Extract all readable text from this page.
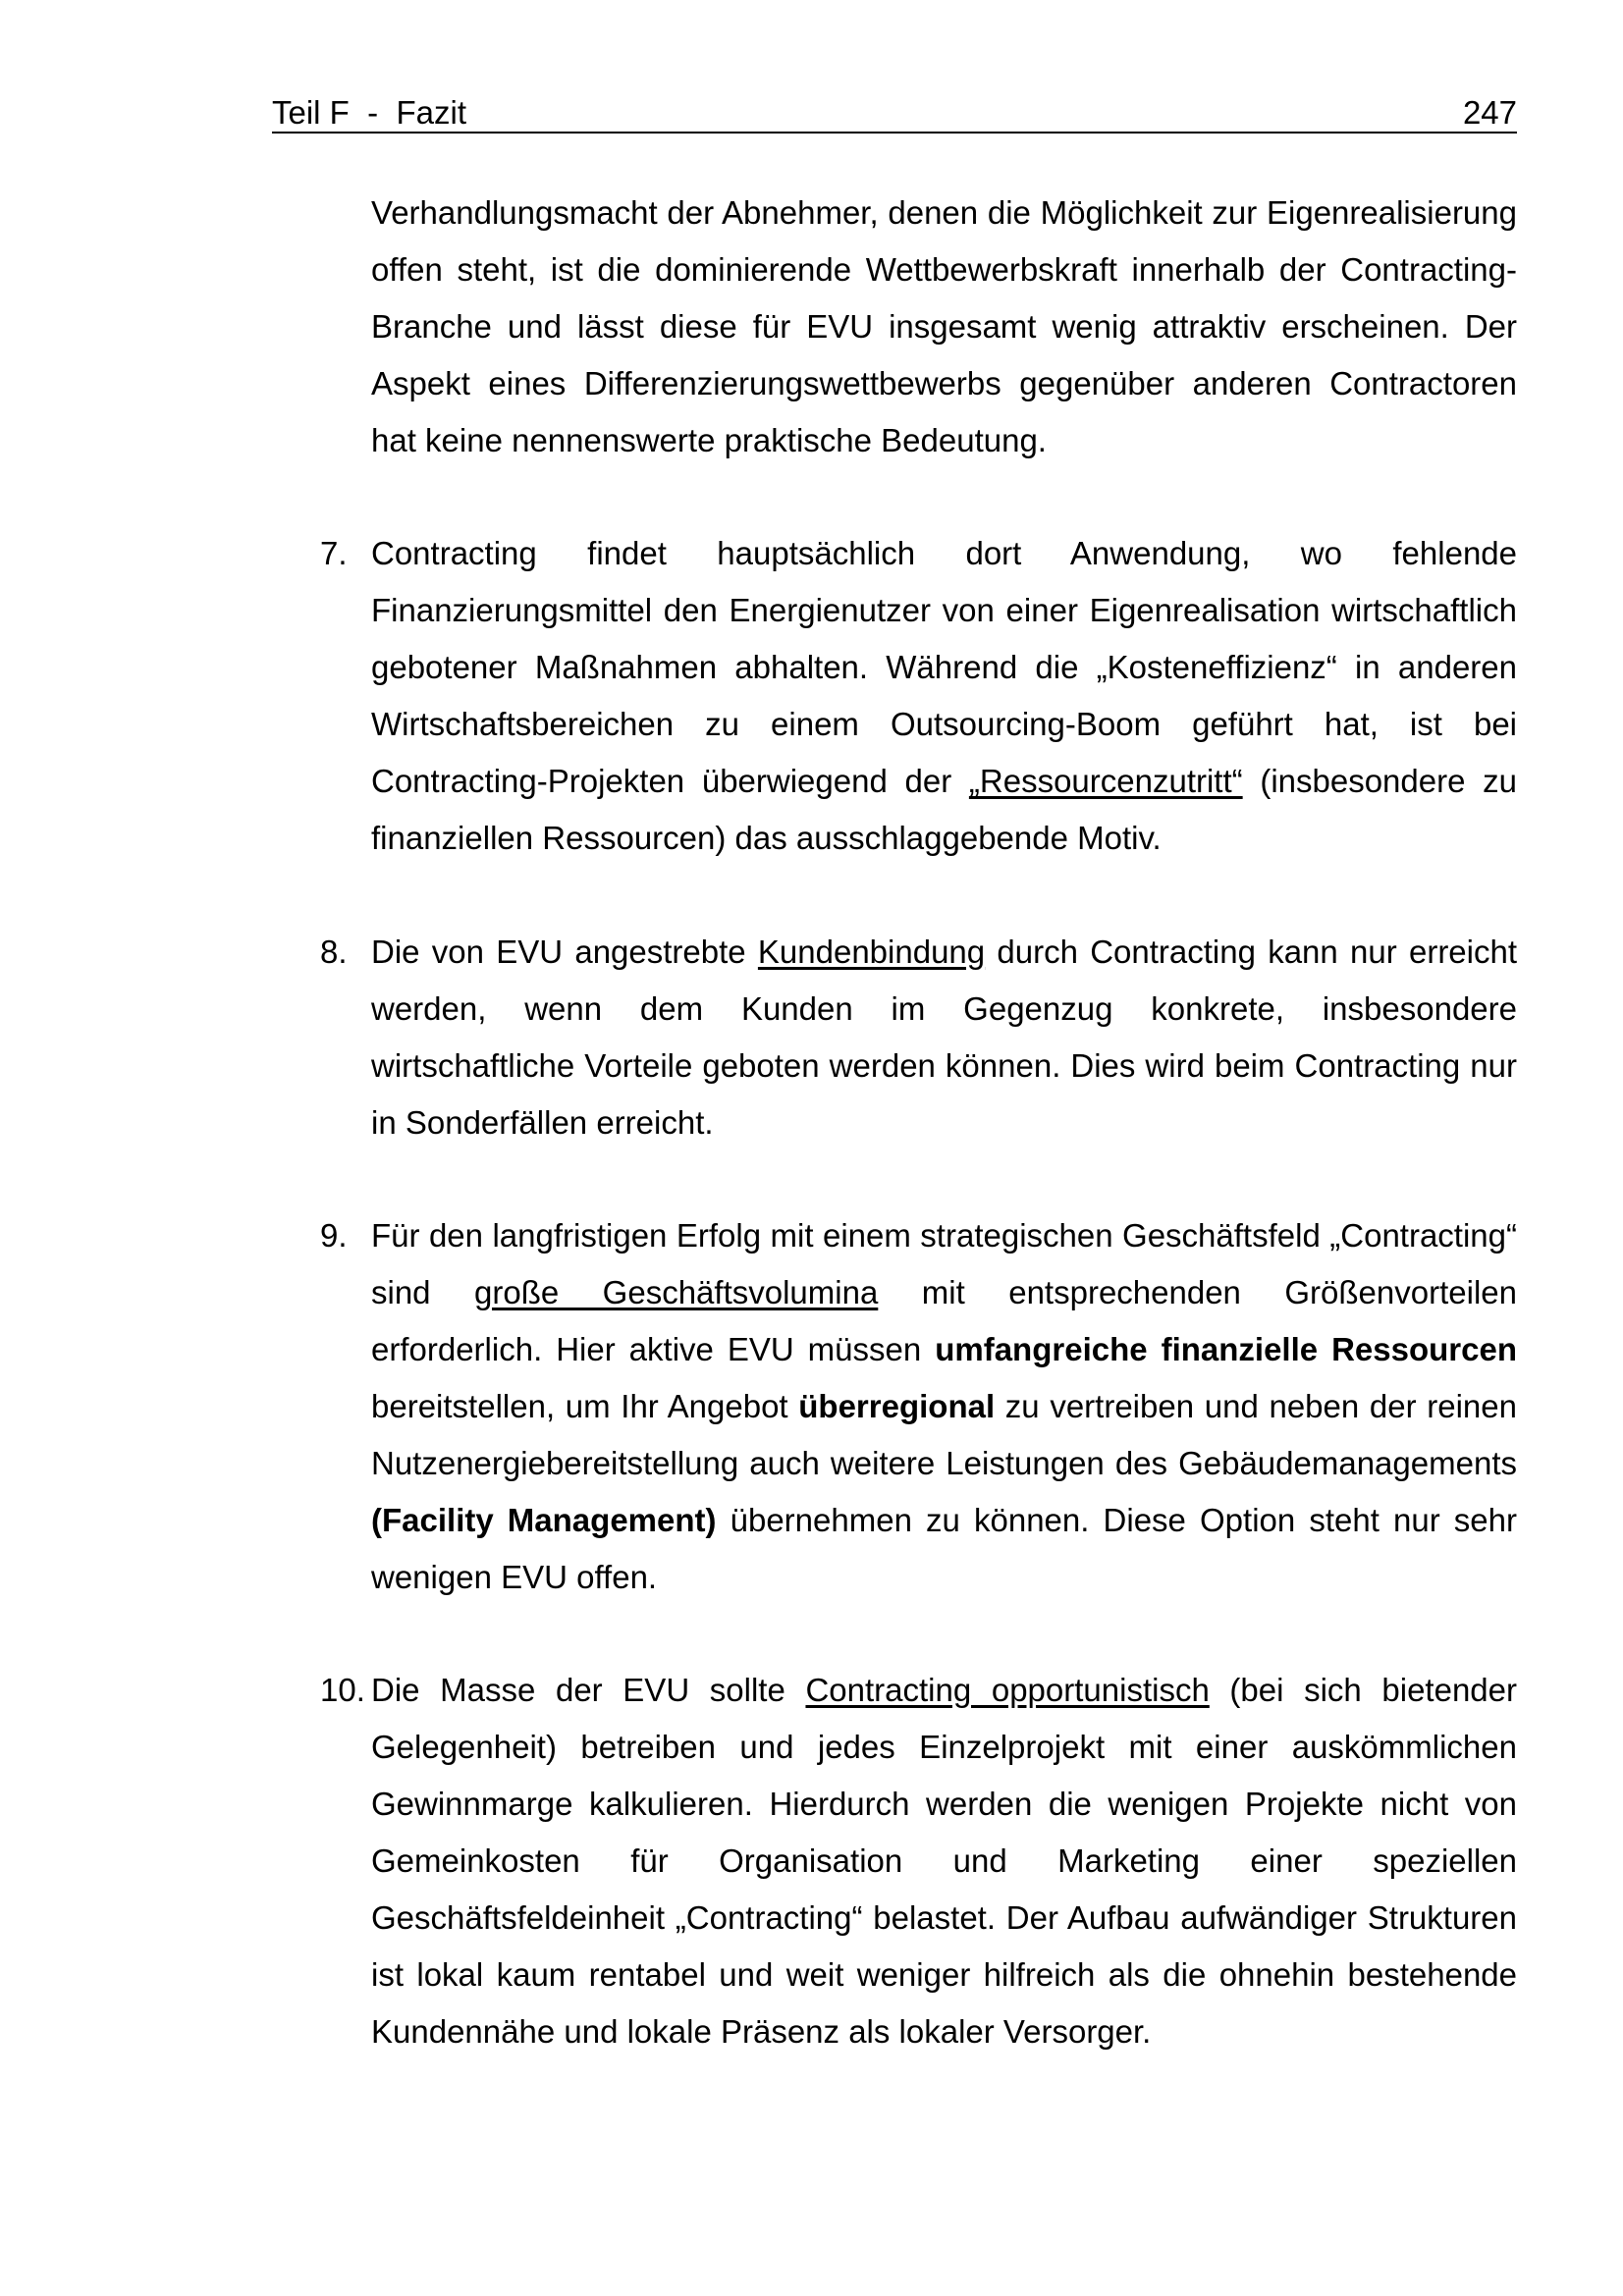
Teil F  -  Fazit	247
Verhandlungsmacht der Abnehmer, denen die Möglichkeit zur Eigenrealisierung offen steht, ist die dominierende Wettbewerbskraft innerhalb der Contracting-Branche und lässt diese für EVU insgesamt wenig attraktiv erscheinen. Der Aspekt eines Differenzierungswettbewerbs gegenüber anderen Contractoren hat keine nennenswerte praktische Bedeutung.
7. Contracting findet hauptsächlich dort Anwendung, wo fehlende Finanzierungsmittel den Energienutzer von einer Eigenrealisation wirtschaftlich gebotener Maßnahmen abhalten. Während die „Kosteneffizienz“ in anderen Wirtschaftsbereichen zu einem Outsourcing-Boom geführt hat, ist bei Contracting-Projekten überwiegend der „Ressourcenzutritt“ (insbesondere zu finanziellen Ressourcen) das ausschlaggebende Motiv.
8. Die von EVU angestrebte Kundenbindung durch Contracting kann nur erreicht werden, wenn dem Kunden im Gegenzug konkrete, insbesondere wirtschaftliche Vorteile geboten werden können. Dies wird beim Contracting nur in Sonderfällen erreicht.
9. Für den langfristigen Erfolg mit einem strategischen Geschäftsfeld „Contracting“ sind große Geschäftsvolumina mit entsprechenden Größenvorteilen erforderlich. Hier aktive EVU müssen umfangreiche finanzielle Ressourcen bereitstellen, um Ihr Angebot überregional zu vertreiben und neben der reinen Nutzenergiebereitstellung auch weitere Leistungen des Gebäudemanagements (Facility Management) übernehmen zu können. Diese Option steht nur sehr wenigen EVU offen.
10. Die Masse der EVU sollte Contracting opportunistisch (bei sich bietender Gelegenheit) betreiben und jedes Einzelprojekt mit einer auskömmlichen Gewinnmarge kalkulieren. Hierdurch werden die wenigen Projekte nicht von Gemeinkosten für Organisation und Marketing einer speziellen Geschäftsfeldeinheit „Contracting“ belastet. Der Aufbau aufwändiger Strukturen ist lokal kaum rentabel und weit weniger hilfreich als die ohnehin bestehende Kundennähe und lokale Präsenz als lokaler Versorger.
